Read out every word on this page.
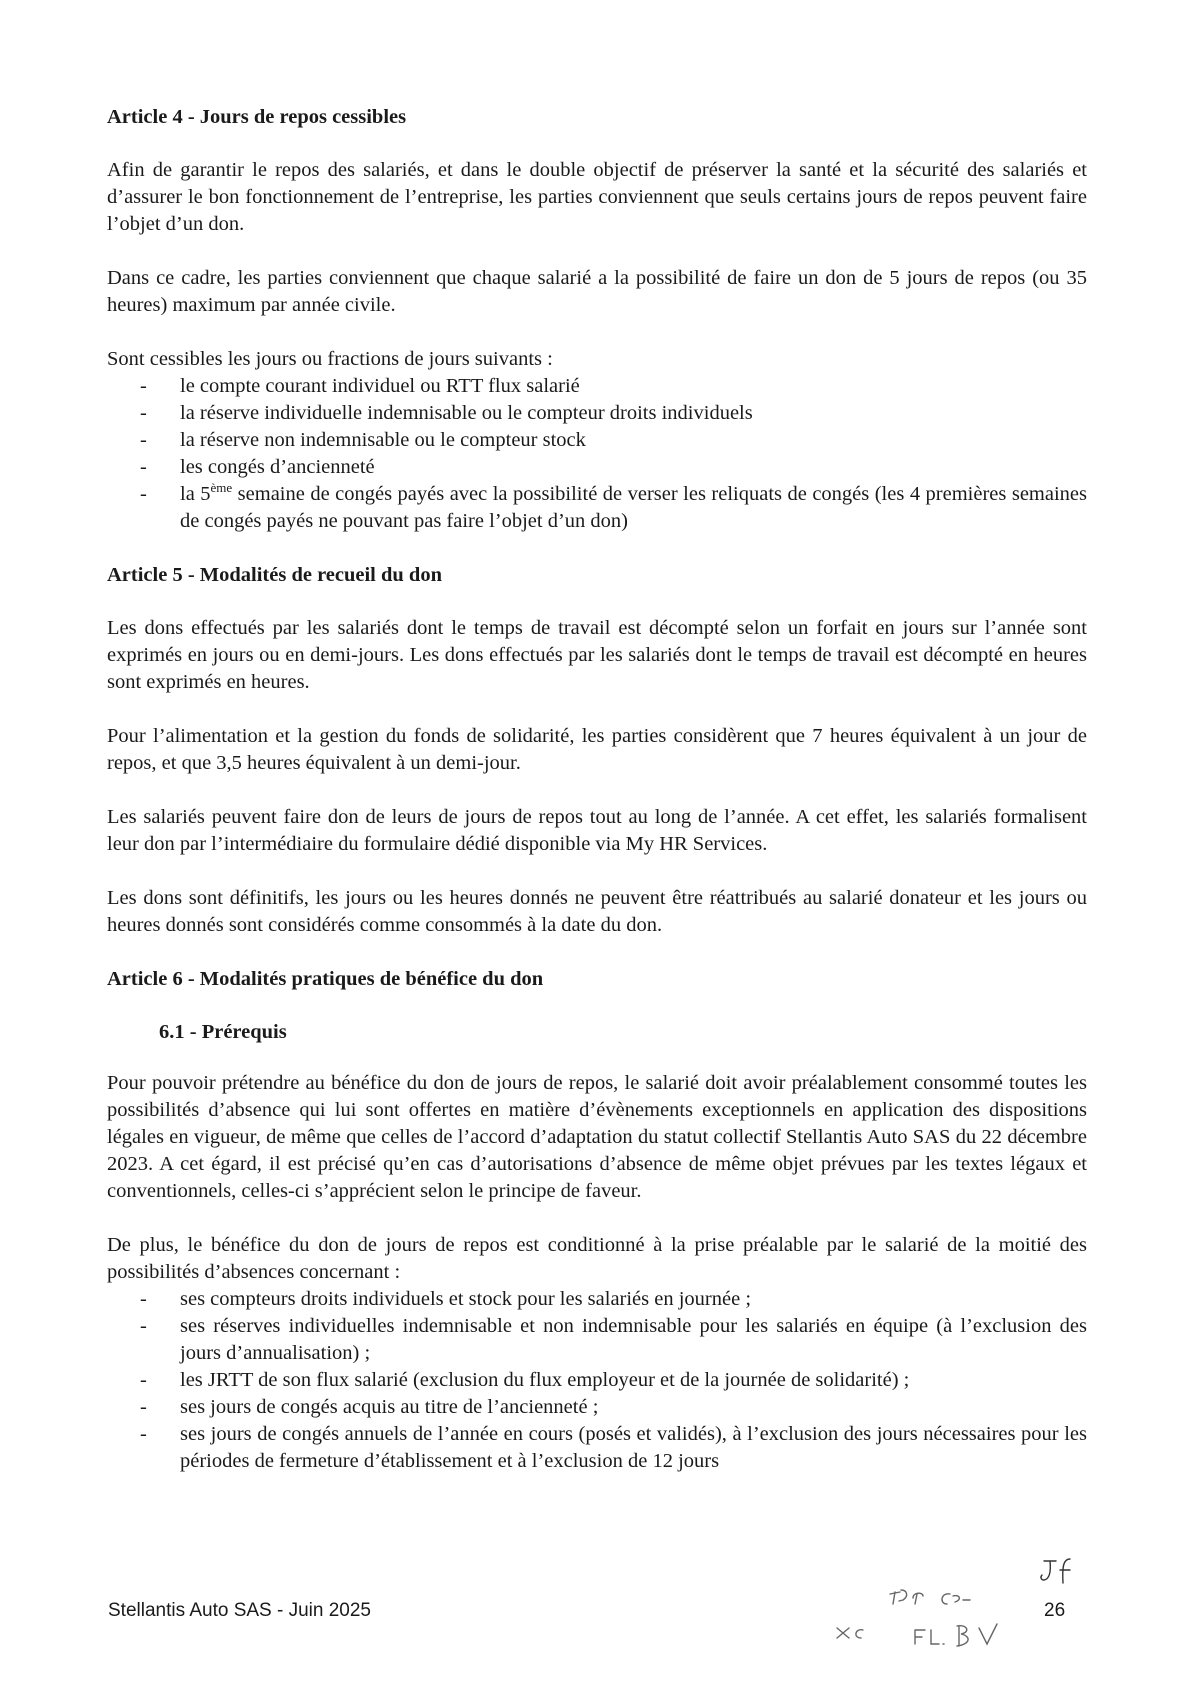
Article 4 - Jours de repos cessibles

Afin de garantir le repos des salariés, et dans le double objectif de préserver la santé et la sécurité des salariés et d’assurer le bon fonctionnement de l’entreprise, les parties conviennent que seuls certains jours de repos peuvent faire l’objet d’un don.

Dans ce cadre, les parties conviennent que chaque salarié a la possibilité de faire un don de 5 jours de repos (ou 35 heures) maximum par année civile.

Sont cessibles les jours ou fractions de jours suivants :

- le compte courant individuel ou RTT flux salarié
- la réserve individuelle indemnisable ou le compteur droits individuels
- la réserve non indemnisable ou le compteur stock
- les congés d’ancienneté
- la 5ème semaine de congés payés avec la possibilité de verser les reliquats de congés (les 4 premières semaines de congés payés ne pouvant pas faire l’objet d’un don)
Article 5 - Modalités de recueil du don

Les dons effectués par les salariés dont le temps de travail est décompté selon un forfait en jours sur l’année sont exprimés en jours ou en demi-jours. Les dons effectués par les salariés dont le temps de travail est décompté en heures sont exprimés en heures.

Pour l’alimentation et la gestion du fonds de solidarité, les parties considèrent que 7 heures équivalent à un jour de repos, et que 3,5 heures équivalent à un demi-jour.

Les salariés peuvent faire don de leurs de jours de repos tout au long de l’année. A cet effet, les salariés formalisent leur don par l’intermédiaire du formulaire dédié disponible via My HR Services.

Les dons sont définitifs, les jours ou les heures donnés ne peuvent être réattribués au salarié donateur et les jours ou heures donnés sont considérés comme consommés à la date du don.

Article 6 - Modalités pratiques de bénéfice du don
6.1 - Prérequis

Pour pouvoir prétendre au bénéfice du don de jours de repos, le salarié doit avoir préalablement consommé toutes les possibilités d’absence qui lui sont offertes en matière d’évènements exceptionnels en application des dispositions légales en vigueur, de même que celles de l’accord d’adaptation du statut collectif Stellantis Auto SAS du 22 décembre 2023. A cet égard, il est précisé qu’en cas d’autorisations d’absence de même objet prévues par les textes légaux et conventionnels, celles-ci s’apprécient selon le principe de faveur.

De plus, le bénéfice du don de jours de repos est conditionné à la prise préalable par le salarié de la moitié des possibilités d’absences concernant :

- ses compteurs droits individuels et stock pour les salariés en journée ;
- ses réserves individuelles indemnisable et non indemnisable pour les salariés en équipe (à l’exclusion des jours d’annualisation) ;
- les JRTT de son flux salarié (exclusion du flux employeur et de la journée de solidarité) ;
- ses jours de congés acquis au titre de l’ancienneté ;
- ses jours de congés annuels de l’année en cours (posés et validés), à l’exclusion des jours nécessaires pour les périodes de fermeture d’établissement et à l’exclusion de 12 jours
Stellantis Auto SAS - Juin 2025	26
